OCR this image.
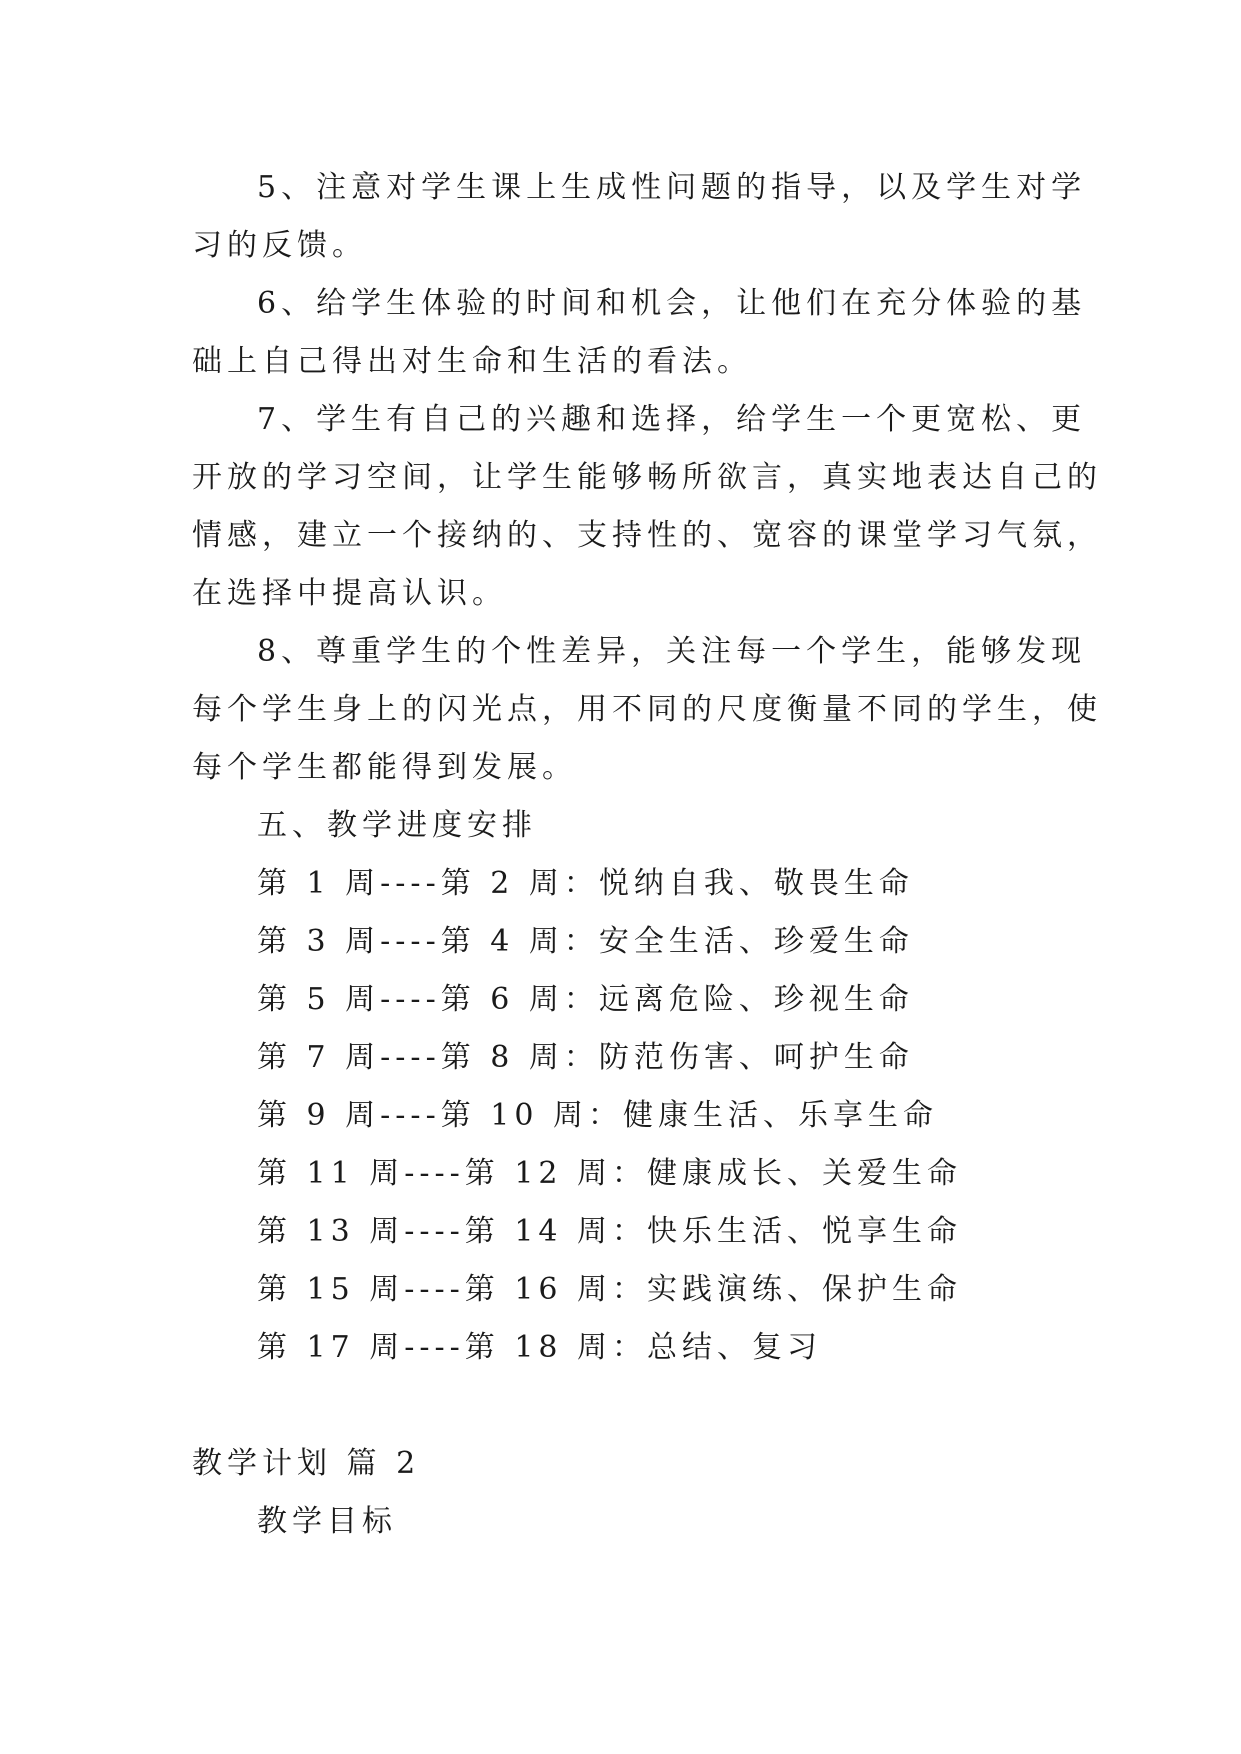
5、注意对学生课上生成性问题的指导，以及学生对学

习的反馈。

6、给学生体验的时间和机会，让他们在充分体验的基

础上自己得出对生命和生活的看法。

7、学生有自己的兴趣和选择，给学生一个更宽松、更

开放的学习空间，让学生能够畅所欲言，真实地表达自己的

情感，建立一个接纳的、支持性的、宽容的课堂学习气氛，

在选择中提高认识。

8、尊重学生的个性差异，关注每一个学生，能够发现

每个学生身上的闪光点，用不同的尺度衡量不同的学生，使

每个学生都能得到发展。

五、教学进度安排

第 1 周----第 2 周：悦纳自我、敬畏生命

第 3 周----第 4 周：安全生活、珍爱生命

第 5 周----第 6 周：远离危险、珍视生命

第 7 周----第 8 周：防范伤害、呵护生命

第 9 周----第 10 周：健康生活、乐享生命

第 11 周----第 12 周：健康成长、关爱生命

第 13 周----第 14 周：快乐生活、悦享生命

第 15 周----第 16 周：实践演练、保护生命

第 17 周----第 18 周：总结、复习

教学计划 篇 2

教学目标
